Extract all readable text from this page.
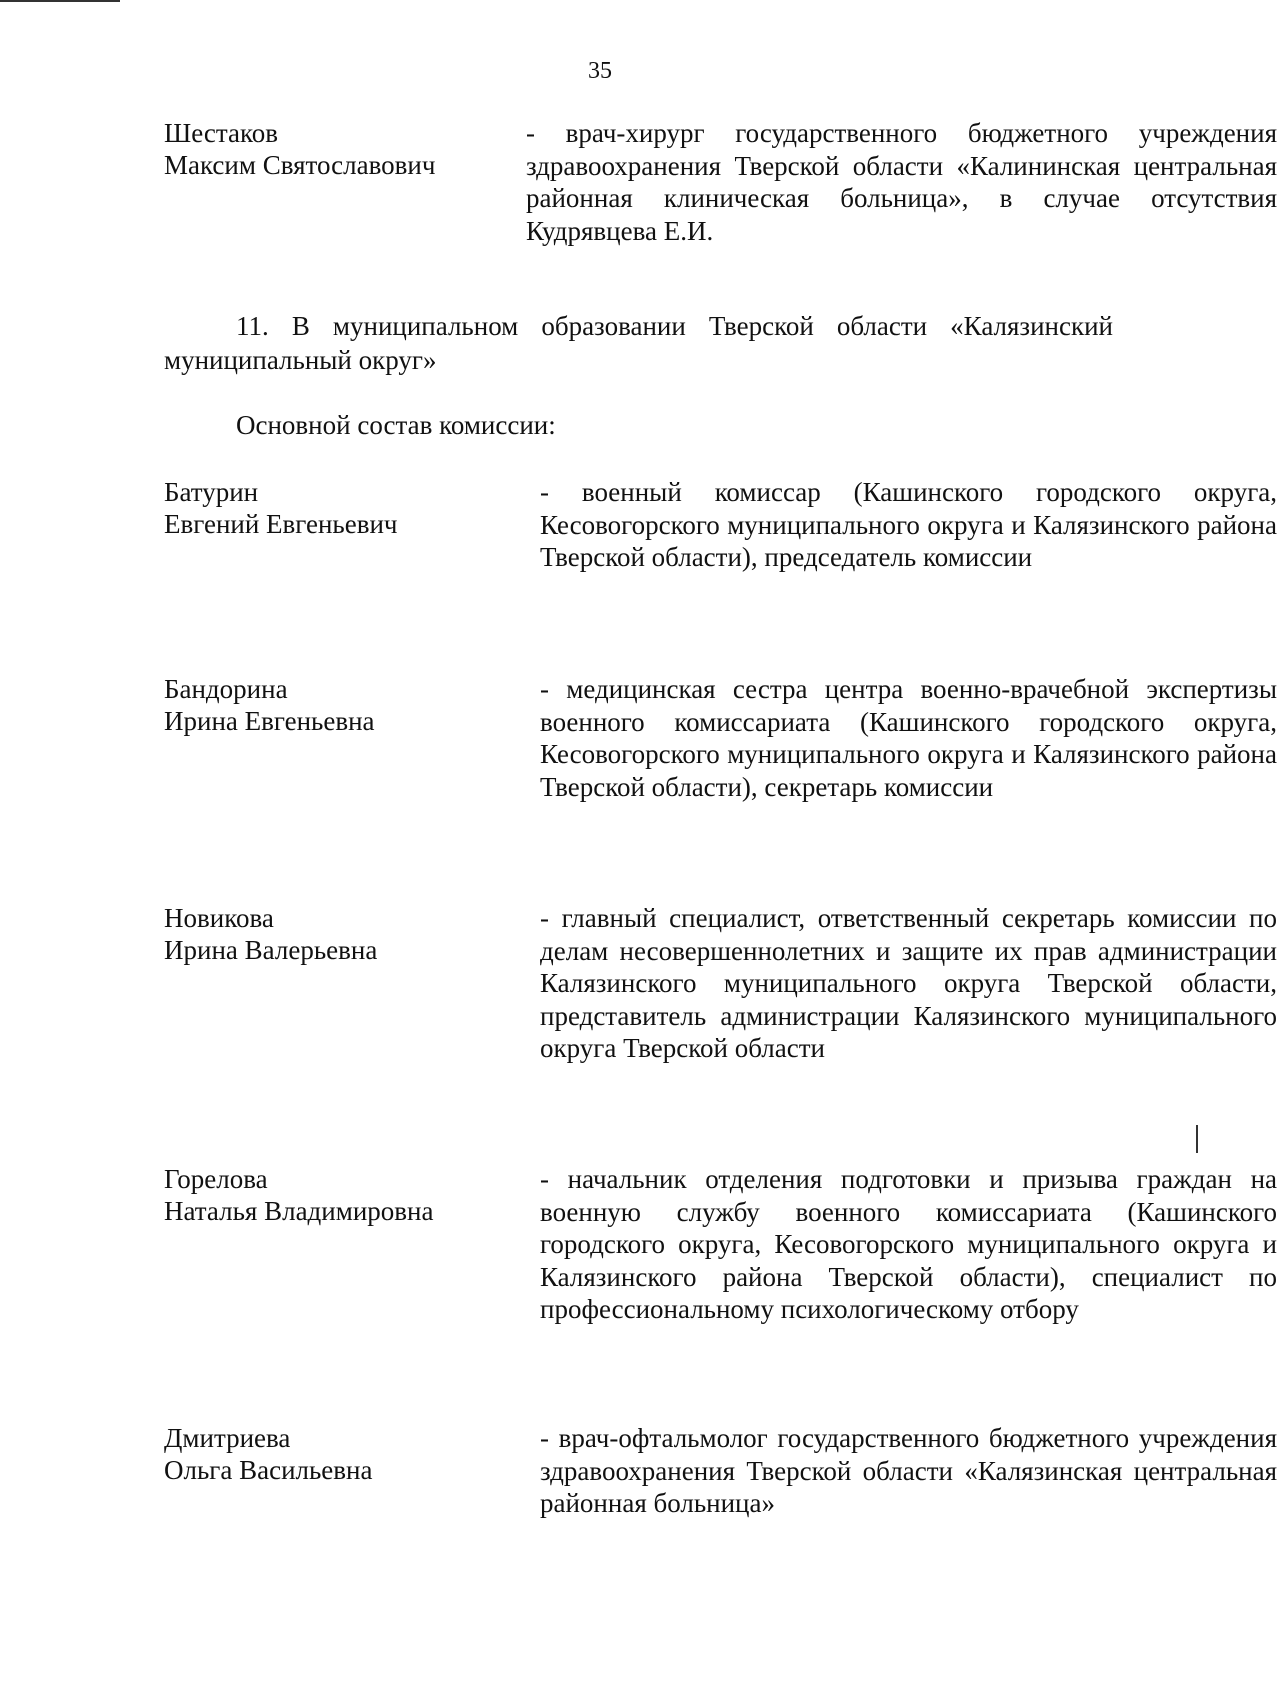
35
Шестаков
Максим Святославович
- врач-хирург государственного бюджетного учреждения здравоохранения Тверской области «Калининская центральная районная клиническая больница», в случае отсутствия Кудрявцева Е.И.
11. В муниципальном образовании Тверской области «Калязинский муниципальный округ»
Основной состав комиссии:
Батурин
Евгений Евгеньевич
- военный комиссар (Кашинского городского округа, Кесовогорского муниципального округа и Калязинского района Тверской области), председатель комиссии
Бандорина
Ирина Евгеньевна
- медицинская сестра центра военно-врачебной экспертизы военного комиссариата (Кашинского городского округа, Кесовогорского муниципального округа и Калязинского района Тверской области), секретарь комиссии
Новикова
Ирина Валерьевна
- главный специалист, ответственный секретарь комиссии по делам несовершеннолетних и защите их прав администрации Калязинского муниципального округа Тверской области, представитель администрации Калязинского муниципального округа Тверской области
Горелова
Наталья Владимировна
- начальник отделения подготовки и призыва граждан на военную службу военного комиссариата (Кашинского городского округа, Кесовогорского муниципального округа и Калязинского района Тверской области), специалист по профессиональному психологическому отбору
Дмитриева
Ольга Васильевна
- врач-офтальмолог государственного бюджетного учреждения здравоохранения Тверской области «Калязинская центральная районная больница»
